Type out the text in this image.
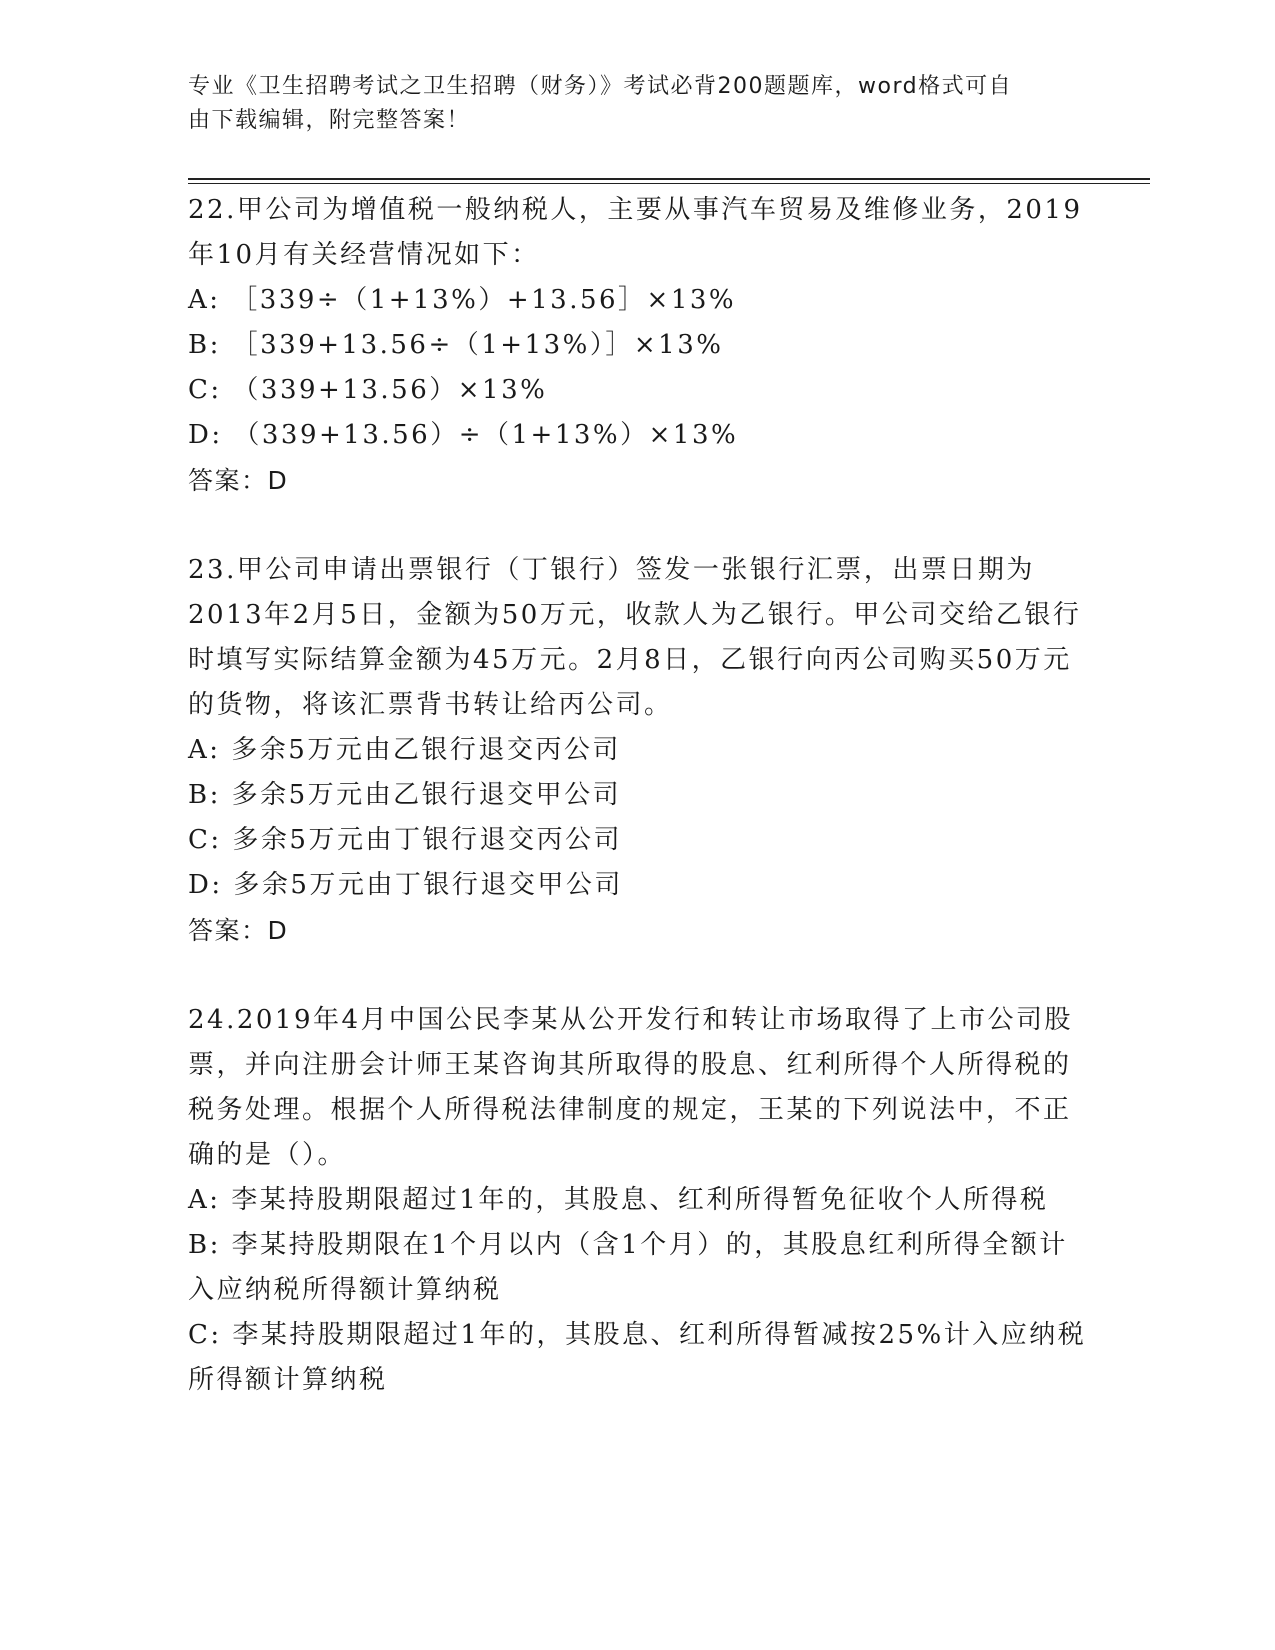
专业《卫生招聘考试之卫生招聘（财务）》考试必背200题题库，word格式可自
由下载编辑，附完整答案！
22.甲公司为增值税一般纳税人，主要从事汽车贸易及维修业务，2019年10月有关经营情况如下：
A: ［339÷（1+13%）+13.56］×13%
B: ［339+13.56÷（1+13%）］×13%
C: （339+13.56）×13%
D: （339+13.56）÷（1+13%）×13%
答案：D
23.甲公司申请出票银行（丁银行）签发一张银行汇票，出票日期为2013年2月5日，金额为50万元，收款人为乙银行。甲公司交给乙银行时填写实际结算金额为45万元。2月8日，乙银行向丙公司购买50万元的货物，将该汇票背书转让给丙公司。
A: 多余5万元由乙银行退交丙公司
B: 多余5万元由乙银行退交甲公司
C: 多余5万元由丁银行退交丙公司
D: 多余5万元由丁银行退交甲公司
答案：D
24.2019年4月中国公民李某从公开发行和转让市场取得了上市公司股票，并向注册会计师王某咨询其所取得的股息、红利所得个人所得税的税务处理。根据个人所得税法律制度的规定，王某的下列说法中，不正确的是（）。
A: 李某持股期限超过1年的，其股息、红利所得暂免征收个人所得税
B: 李某持股期限在1个月以内（含1个月）的，其股息红利所得全额计入应纳税所得额计算纳税
C: 李某持股期限超过1年的，其股息、红利所得暂减按25%计入应纳税所得额计算纳税
